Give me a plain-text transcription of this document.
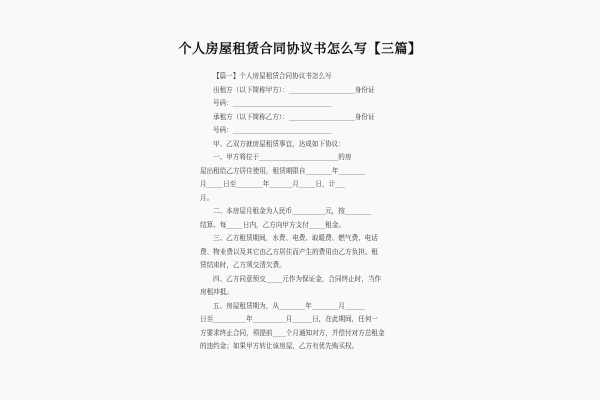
个人房屋租赁合同协议书怎么写【三篇】
【篇一】个人房屋租赁合同协议书怎么写
出租方（以下简称甲方）：____________________身份证
号码：______________________________
承租方（以下简称乙方）：____________________身份证
号码：______________________________
甲、乙双方就房屋租赁事宜，达成如下协议：
一、甲方将位于________________________的房
屋出租给乙方居住使用，租赁期限自________年________
月_____日至________年_______月_____日，计___
月。
二、本房屋月租金为人民币__________元，按________
结算。每_____日内，乙方向甲方支付_____租金。
三、乙方租赁期间，水费、电费、取暖费、燃气费、电话
费、物业费以及其它由乙方居住而产生的费用由乙方负担。租
赁结束时，乙方须交清欠费。
四、乙方同意预交_____元作为保证金，合同终止时，当作
房租冲抵。
五、房屋租赁期为，从________年________月______
日至__________年__________月______日，在此期间，任何一
方要求终止合同，须提前____个月通知对方，并偿付对方总租金
的违约金；如果甲方转让该房屋，乙方有优先购买权。
